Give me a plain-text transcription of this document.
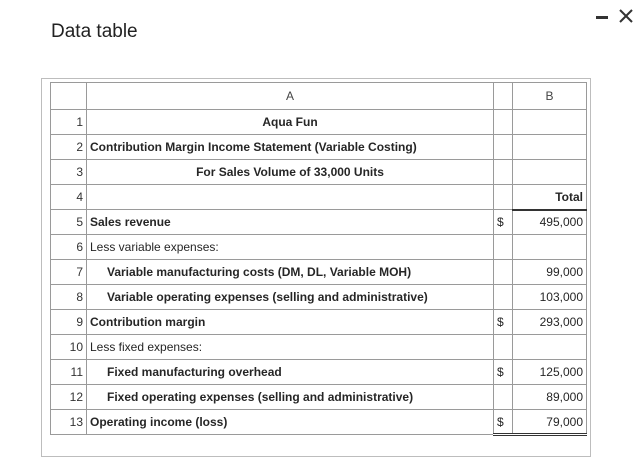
Data table
	A		B
1	Aqua Fun		
2	Contribution Margin Income Statement (Variable Costing)		
3	For Sales Volume of 33,000 Units		
4			Total
5	Sales revenue	$	495,000
6	Less variable expenses:		
7	Variable manufacturing costs (DM, DL, Variable MOH)		99,000
8	Variable operating expenses (selling and administrative)		103,000
9	Contribution margin	$	293,000
10	Less fixed expenses:		
11	Fixed manufacturing overhead	$	125,000
12	Fixed operating expenses (selling and administrative)		89,000
13	Operating income (loss)	$	79,000
